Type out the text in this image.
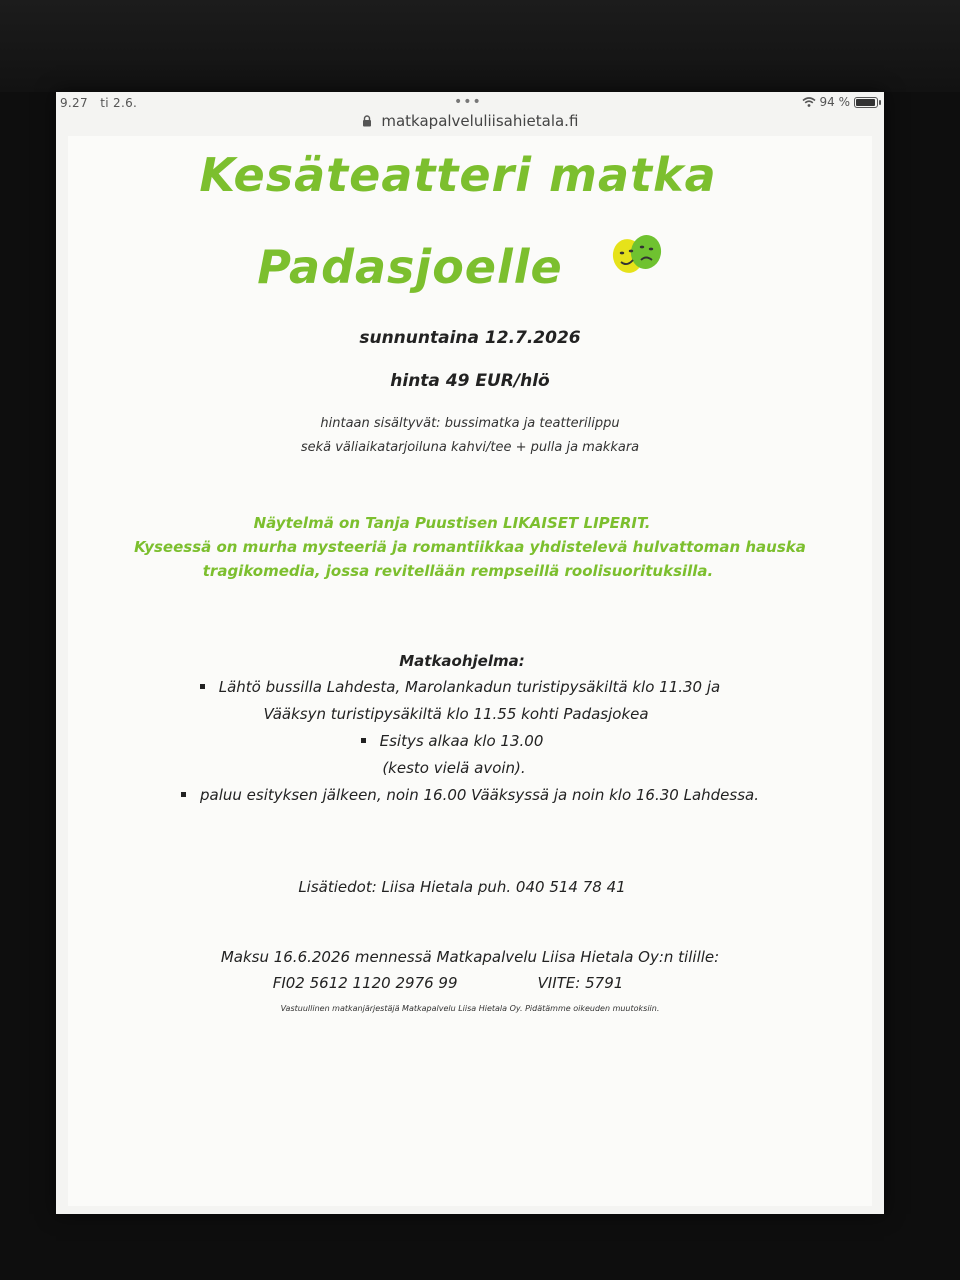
9.27 ti 2.6.	•••	94 %
matkapalveluliisahietala.fi
Kesäteatteri matka
Padasjoelle
sunnuntaina 12.7.2026
hinta 49 EUR/hlö
hintaan sisältyvät: bussimatka ja teatterilippu
sekä väliaikatarjoiluna kahvi/tee + pulla ja makkara
Näytelmä on Tanja Puustisen LIKAISET LIPERIT.
Kyseessä on murha mysteeriä ja romantiikkaa yhdistelevä hulvattoman hauska
tragikomedia, jossa revitellään rempseillä roolisuorituksilla.
Matkaohjelma:
Lähtö bussilla Lahdesta, Marolankadun turistipysäkiltä klo 11.30 ja
Vääksyn turistipysäkiltä klo 11.55 kohti Padasjokea
Esitys alkaa klo 13.00
(kesto vielä avoin).
paluu esityksen jälkeen, noin 16.00 Vääksyssä ja noin klo 16.30 Lahdessa.
Lisätiedot: Liisa Hietala puh. 040 514 78 41
Maksu 16.6.2026 mennessä Matkapalvelu Liisa Hietala Oy:n tilille:
FI02 5612 1120 2976 99	VIITE: 5791
Vastuullinen matkanjärjestäjä Matkapalvelu Liisa Hietala Oy. Pidätämme oikeuden muutoksiin.
